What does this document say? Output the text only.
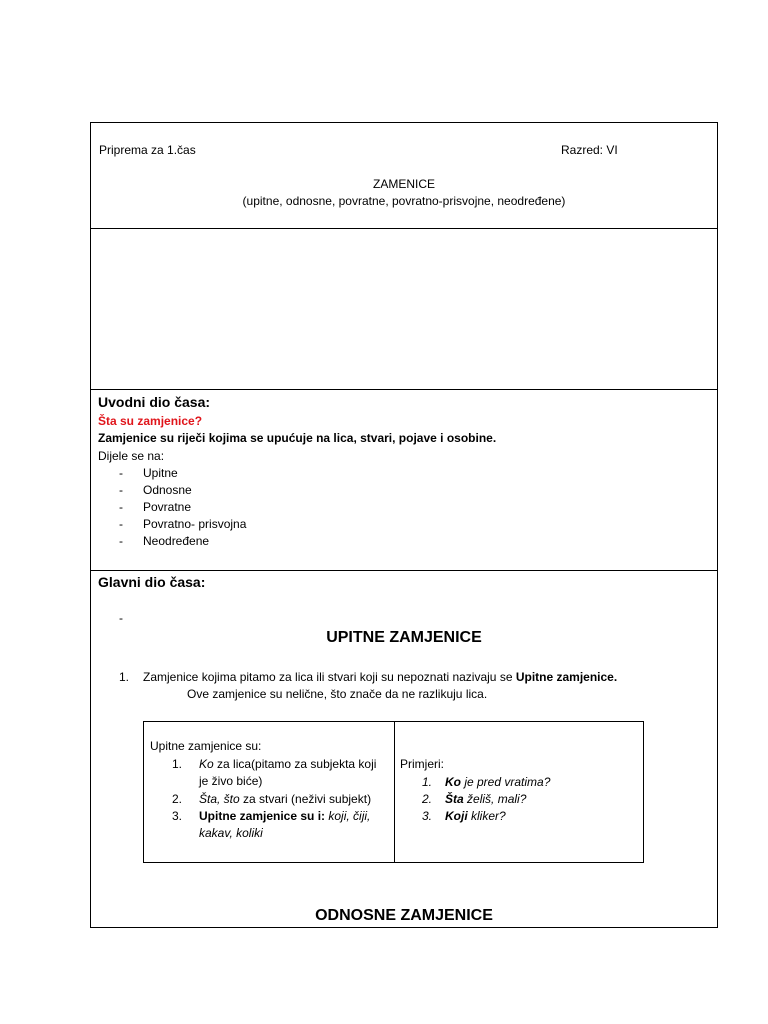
Priprema za 1.čas	Razred: VI
ZAMENICE
(upitne, odnosne, povratne, povratno-prisvojne, neodređene)
Uvodni dio časa:
Šta su zamjenice?
Zamjenice su riječi kojima se upućuje na lica, stvari, pojave i osobine.
Dijele se na:
- Upitne
- Odnosne
- Povratne
- Povratno- prisvojna
- Neodređene
Glavni dio časa:
-
UPITNE ZAMJENICE
1. Zamjenice kojima pitamo za lica ili stvari koji su nepoznati nazivaju se Upitne zamjenice.
Ove zamjenice su nelične, što znače da ne razlikuju lica.
Upitne zamjenice su:
1. Ko za lica(pitamo za subjekta koji
je živo biće)
2. Šta, što za stvari (neživi subjekt)
3. Upitne zamjenice su i: koji, čiji,
kakav, koliki
Primjeri:
1. Ko je pred vratima?
2. Šta želiš, mali?
3. Koji kliker?
ODNOSNE ZAMJENICE
